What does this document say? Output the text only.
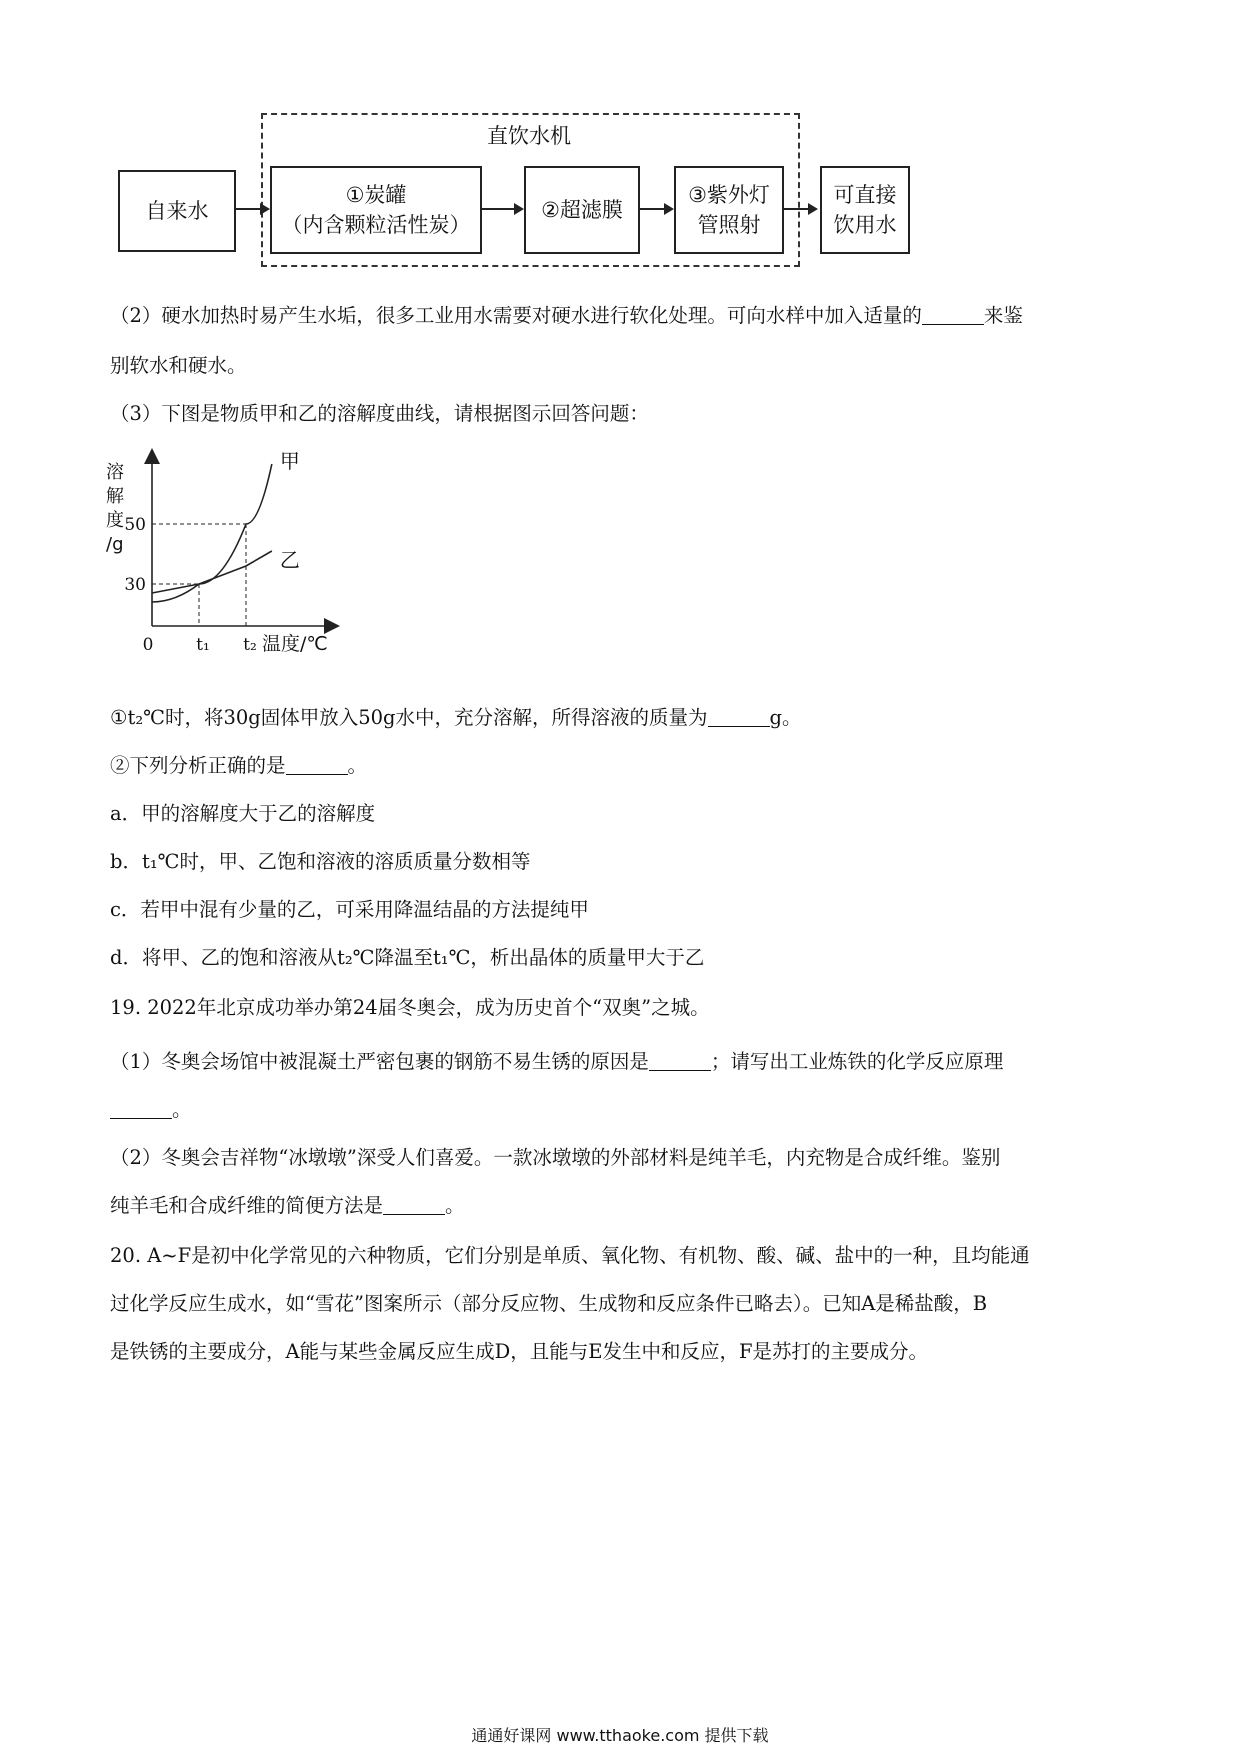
直饮水机
自来水
①炭罐
（内含颗粒活性炭）
②超滤膜
③紫外灯
管照射
可直接
饮用水
（2）硬水加热时易产生水垢，很多工业用水需要对硬水进行软化处理。可向水样中加入适量的	来鉴
别软水和硬水。
（3）下图是物质甲和乙的溶解度曲线，请根据图示回答问题：
溶
解
度
/g
0	t₁ t₂ 温度/℃
30
50
甲
乙
①t₂℃时，将30g固体甲放入50g水中，充分溶解，所得溶液的质量为	g。
②下列分析正确的是	。
a．甲的溶解度大于乙的溶解度
b．t₁℃时，甲、乙饱和溶液的溶质质量分数相等
c．若甲中混有少量的乙，可采用降温结晶的方法提纯甲
d．将甲、乙的饱和溶液从t₂℃降温至t₁℃，析出晶体的质量甲大于乙
19. 2022年北京成功举办第24届冬奥会，成为历史首个“双奥”之城。
（1）冬奥会场馆中被混凝土严密包裹的钢筋不易生锈的原因是	；请写出工业炼铁的化学反应原理
。
（2）冬奥会吉祥物“冰墩墩”深受人们喜爱。一款冰墩墩的外部材料是纯羊毛，内充物是合成纤维。鉴别
纯羊毛和合成纤维的简便方法是	。
20. A~F是初中化学常见的六种物质，它们分别是单质、氧化物、有机物、酸、碱、盐中的一种，且均能通
过化学反应生成水，如“雪花”图案所示（部分反应物、生成物和反应条件已略去）。已知A是稀盐酸，B
是铁锈的主要成分，A能与某些金属反应生成D，且能与E发生中和反应，F是苏打的主要成分。
通通好课网 www.tthaoke.com 提供下载
